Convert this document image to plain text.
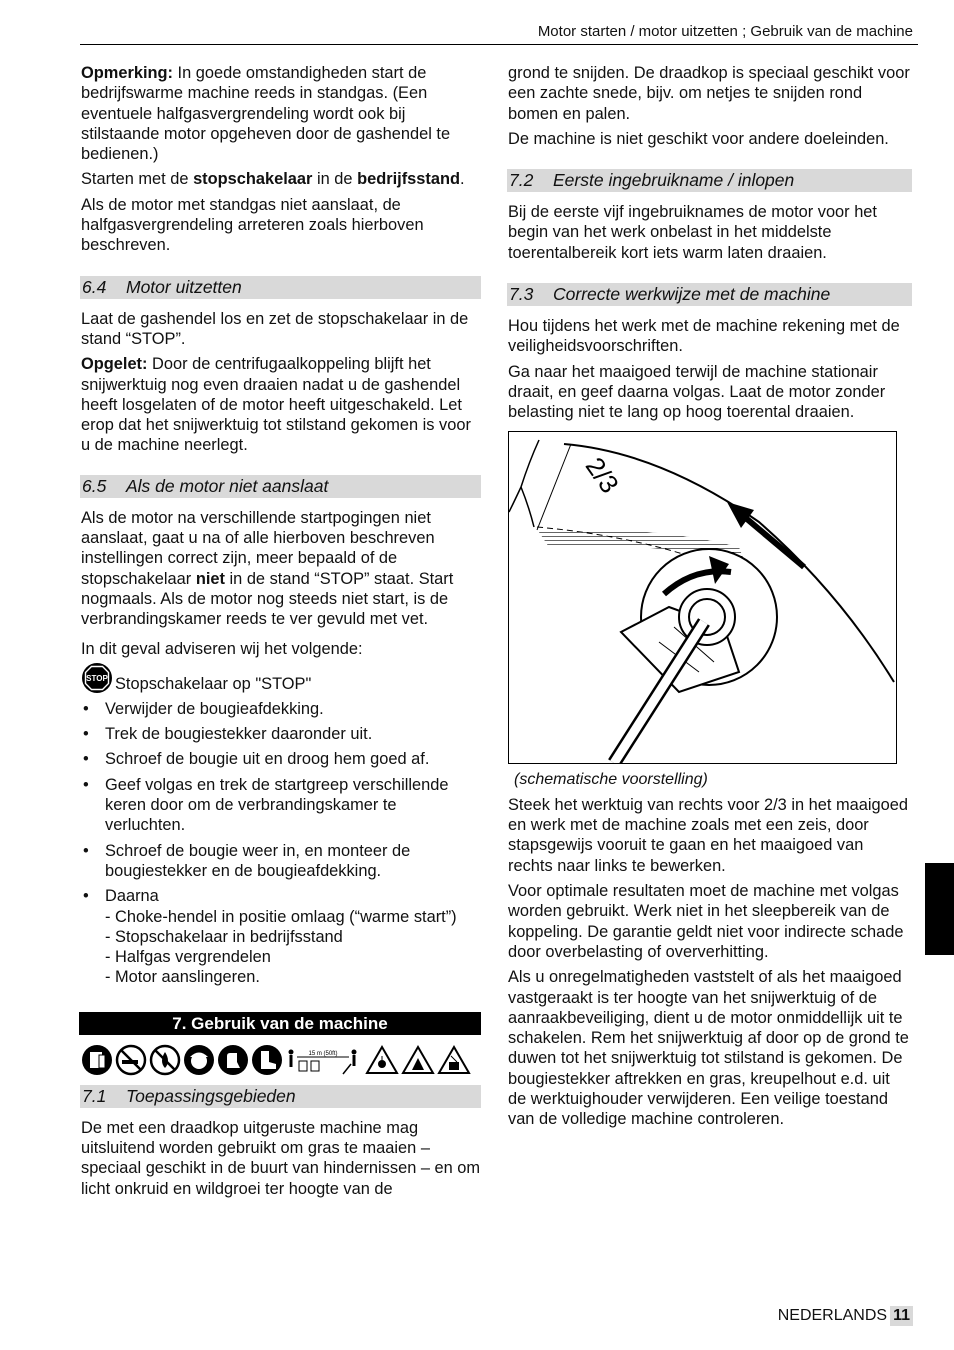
Motor starten / motor uitzetten ; Gebruik van de machine

Opmerking: In goede omstandigheden start de bedrijfswarme machine reeds in standgas. (Een eventuele halfgasvergrendeling wordt ook bij stilstaande motor opgeheven door de gashendel te bedienen.)

Starten met de stopschakelaar in de bedrijfsstand.

Als de motor met standgas niet aanslaat, de halfgasvergrendeling arreteren zoals hierboven beschreven.

6.4 Motor uitzetten

Laat de gashendel los en zet de stopschakelaar in de stand “STOP”.

Opgelet: Door de centrifugaalkoppeling blijft het snijwerktuig nog even draaien nadat u de gashendel heeft losgelaten of de motor heeft uitgeschakeld. Let erop dat het snijwerktuig tot stilstand gekomen is voor u de machine neerlegt.

6.5 Als de motor niet aanslaat

Als de motor na verschillende startpogingen niet aanslaat, gaat u na of alle hierboven beschreven instellingen correct zijn, meer bepaald of de stopschakelaar niet in de stand “STOP” staat. Start nogmaals. Als de motor nog steeds niet start, is de verbrandingskamer reeds te ver gevuld met vet.

In dit geval adviseren wij het volgende:

STOP Stopschakelaar op "STOP"
• Verwijder de bougieafdekking.
• Trek de bougiestekker daaronder uit.
• Schroef de bougie uit en droog hem goed af.
• Geef volgas en trek de startgreep verschillende keren door om de verbrandingskamer te verluchten.
• Schroef de bougie weer in, en monteer de bougiestekker en de bougieafdekking.
• Daarna
- Choke-hendel in positie omlaag (“warme start”)
- Stopschakelaar in bedrijfsstand
- Halfgas vergrendelen
- Motor aanslingeren.
7. Gebruik van de machine
15 m (50ft)
7.1 Toepassingsgebieden

De met een draadkop uitgeruste machine mag uitsluitend worden gebruikt om gras te maaien – speciaal geschikt in de buurt van hindernissen – en om licht onkruid en wildgroei ter hoogte van de

grond te snijden. De draadkop is speciaal geschikt voor een zachte snede, bijv. om netjes te snijden rond bomen en palen.

De machine is niet geschikt voor andere doeleinden.

7.2 Eerste ingebruikname / inlopen

Bij de eerste vijf ingebruiknames de motor voor het begin van het werk onbelast in het middelste toerentalbereik kort iets warm laten draaien.

7.3 Correcte werkwijze met de machine

Hou tijdens het werk met de machine rekening met de veiligheidsvoorschriften.

Ga naar het maaigoed terwijl de machine stationair draait, en geef daarna volgas. Laat de motor zonder belasting niet te lang op hoog toerental draaien.

2/3

(schematische voorstelling)

Steek het werktuig van rechts voor 2/3 in het maaigoed en werk met de machine zoals met een zeis, door stapsgewijs vooruit te gaan en het maaigoed van rechts naar links te bewerken.

Voor optimale resultaten moet de machine met volgas worden gebruikt. Werk niet in het sleepbereik van de koppeling. De garantie geldt niet voor indirecte schade door overbelasting of oververhitting.

Als u onregelmatigheden vaststelt of als het maaigoed vastgeraakt is ter hoogte van het snijwerktuig of de aanraakbeveiliging, dient u de motor onmiddellijk uit te schakelen. Rem het snijwerktuig af door op de grond te duwen tot het snijwerktuig tot stilstand is gekomen. De bougiestekker aftrekken en gras, kreupelhout e.d. uit de werktuighouder verwijderen. Een veilige toestand van de volledige machine controleren.

NEDERLANDS 11
